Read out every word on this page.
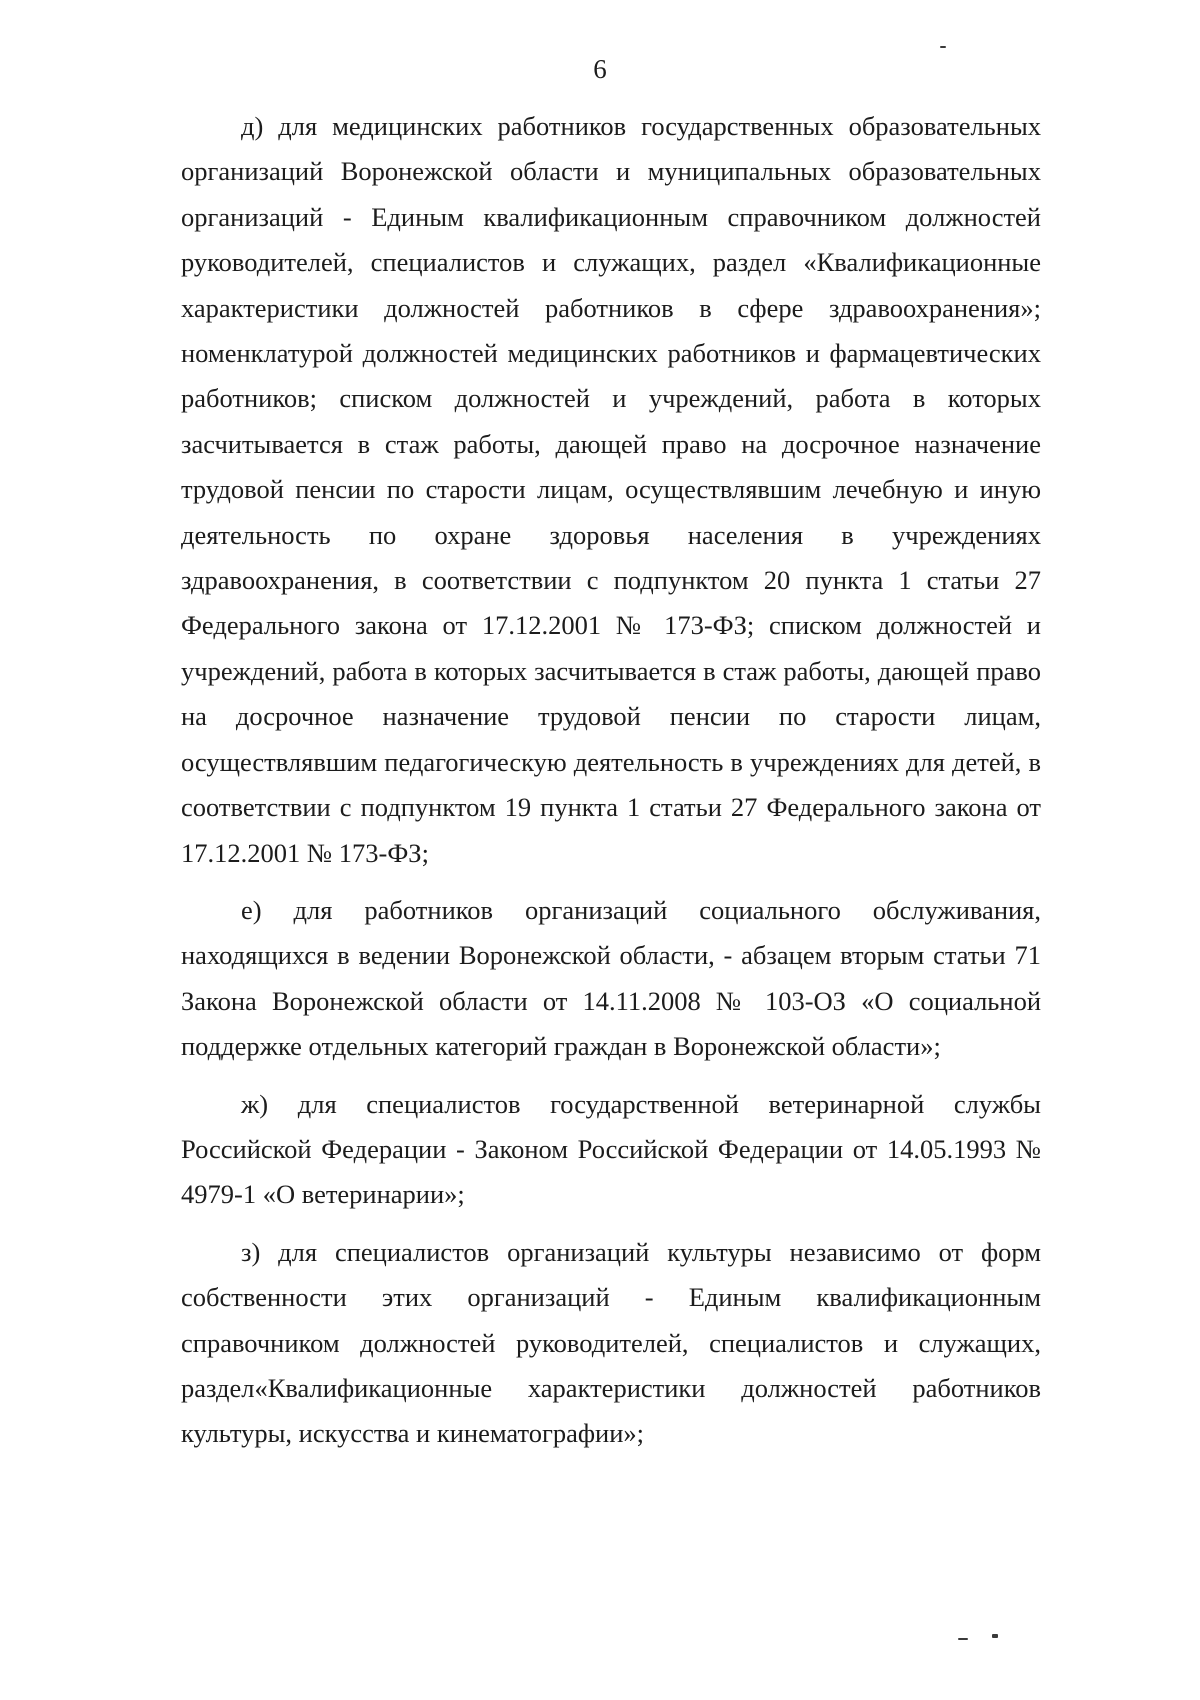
6

д) для медицинских работников государственных образовательных организаций Воронежской области и муниципальных образовательных организаций - Единым квалификационным справочником должностей руководителей, специалистов и служащих, раздел «Квалификационные характеристики должностей работников в сфере здравоохранения»; номенклатурой должностей медицинских работников и фармацевтических работников; списком должностей и учреждений, работа в которых засчитывается в стаж работы, дающей право на досрочное назначение трудовой пенсии по старости лицам, осуществлявшим лечебную и иную деятельность по охране здоровья населения в учреждениях здравоохранения, в соответствии с подпунктом 20 пункта 1 статьи 27 Федерального закона от 17.12.2001 № 173-ФЗ; списком должностей и учреждений, работа в которых засчитывается в стаж работы, дающей право на досрочное назначение трудовой пенсии по старости лицам, осуществлявшим педагогическую деятельность в учреждениях для детей, в соответствии с подпунктом 19 пункта 1 статьи 27 Федерального закона от 17.12.2001 № 173-ФЗ;

е) для работников организаций социального обслуживания, находящихся в ведении Воронежской области, - абзацем вторым статьи 71 Закона Воронежской области от 14.11.2008 № 103-ОЗ «О социальной поддержке отдельных категорий граждан в Воронежской области»;

ж) для специалистов государственной ветеринарной службы Российской Федерации - Законом Российской Федерации от 14.05.1993 № 4979-1 «О ветеринарии»;

з) для специалистов организаций культуры независимо от форм собственности этих организаций - Единым квалификационным справочником должностей руководителей, специалистов и служащих, раздел«Квалификационные характеристики должностей работников культуры, искусства и кинематографии»;
